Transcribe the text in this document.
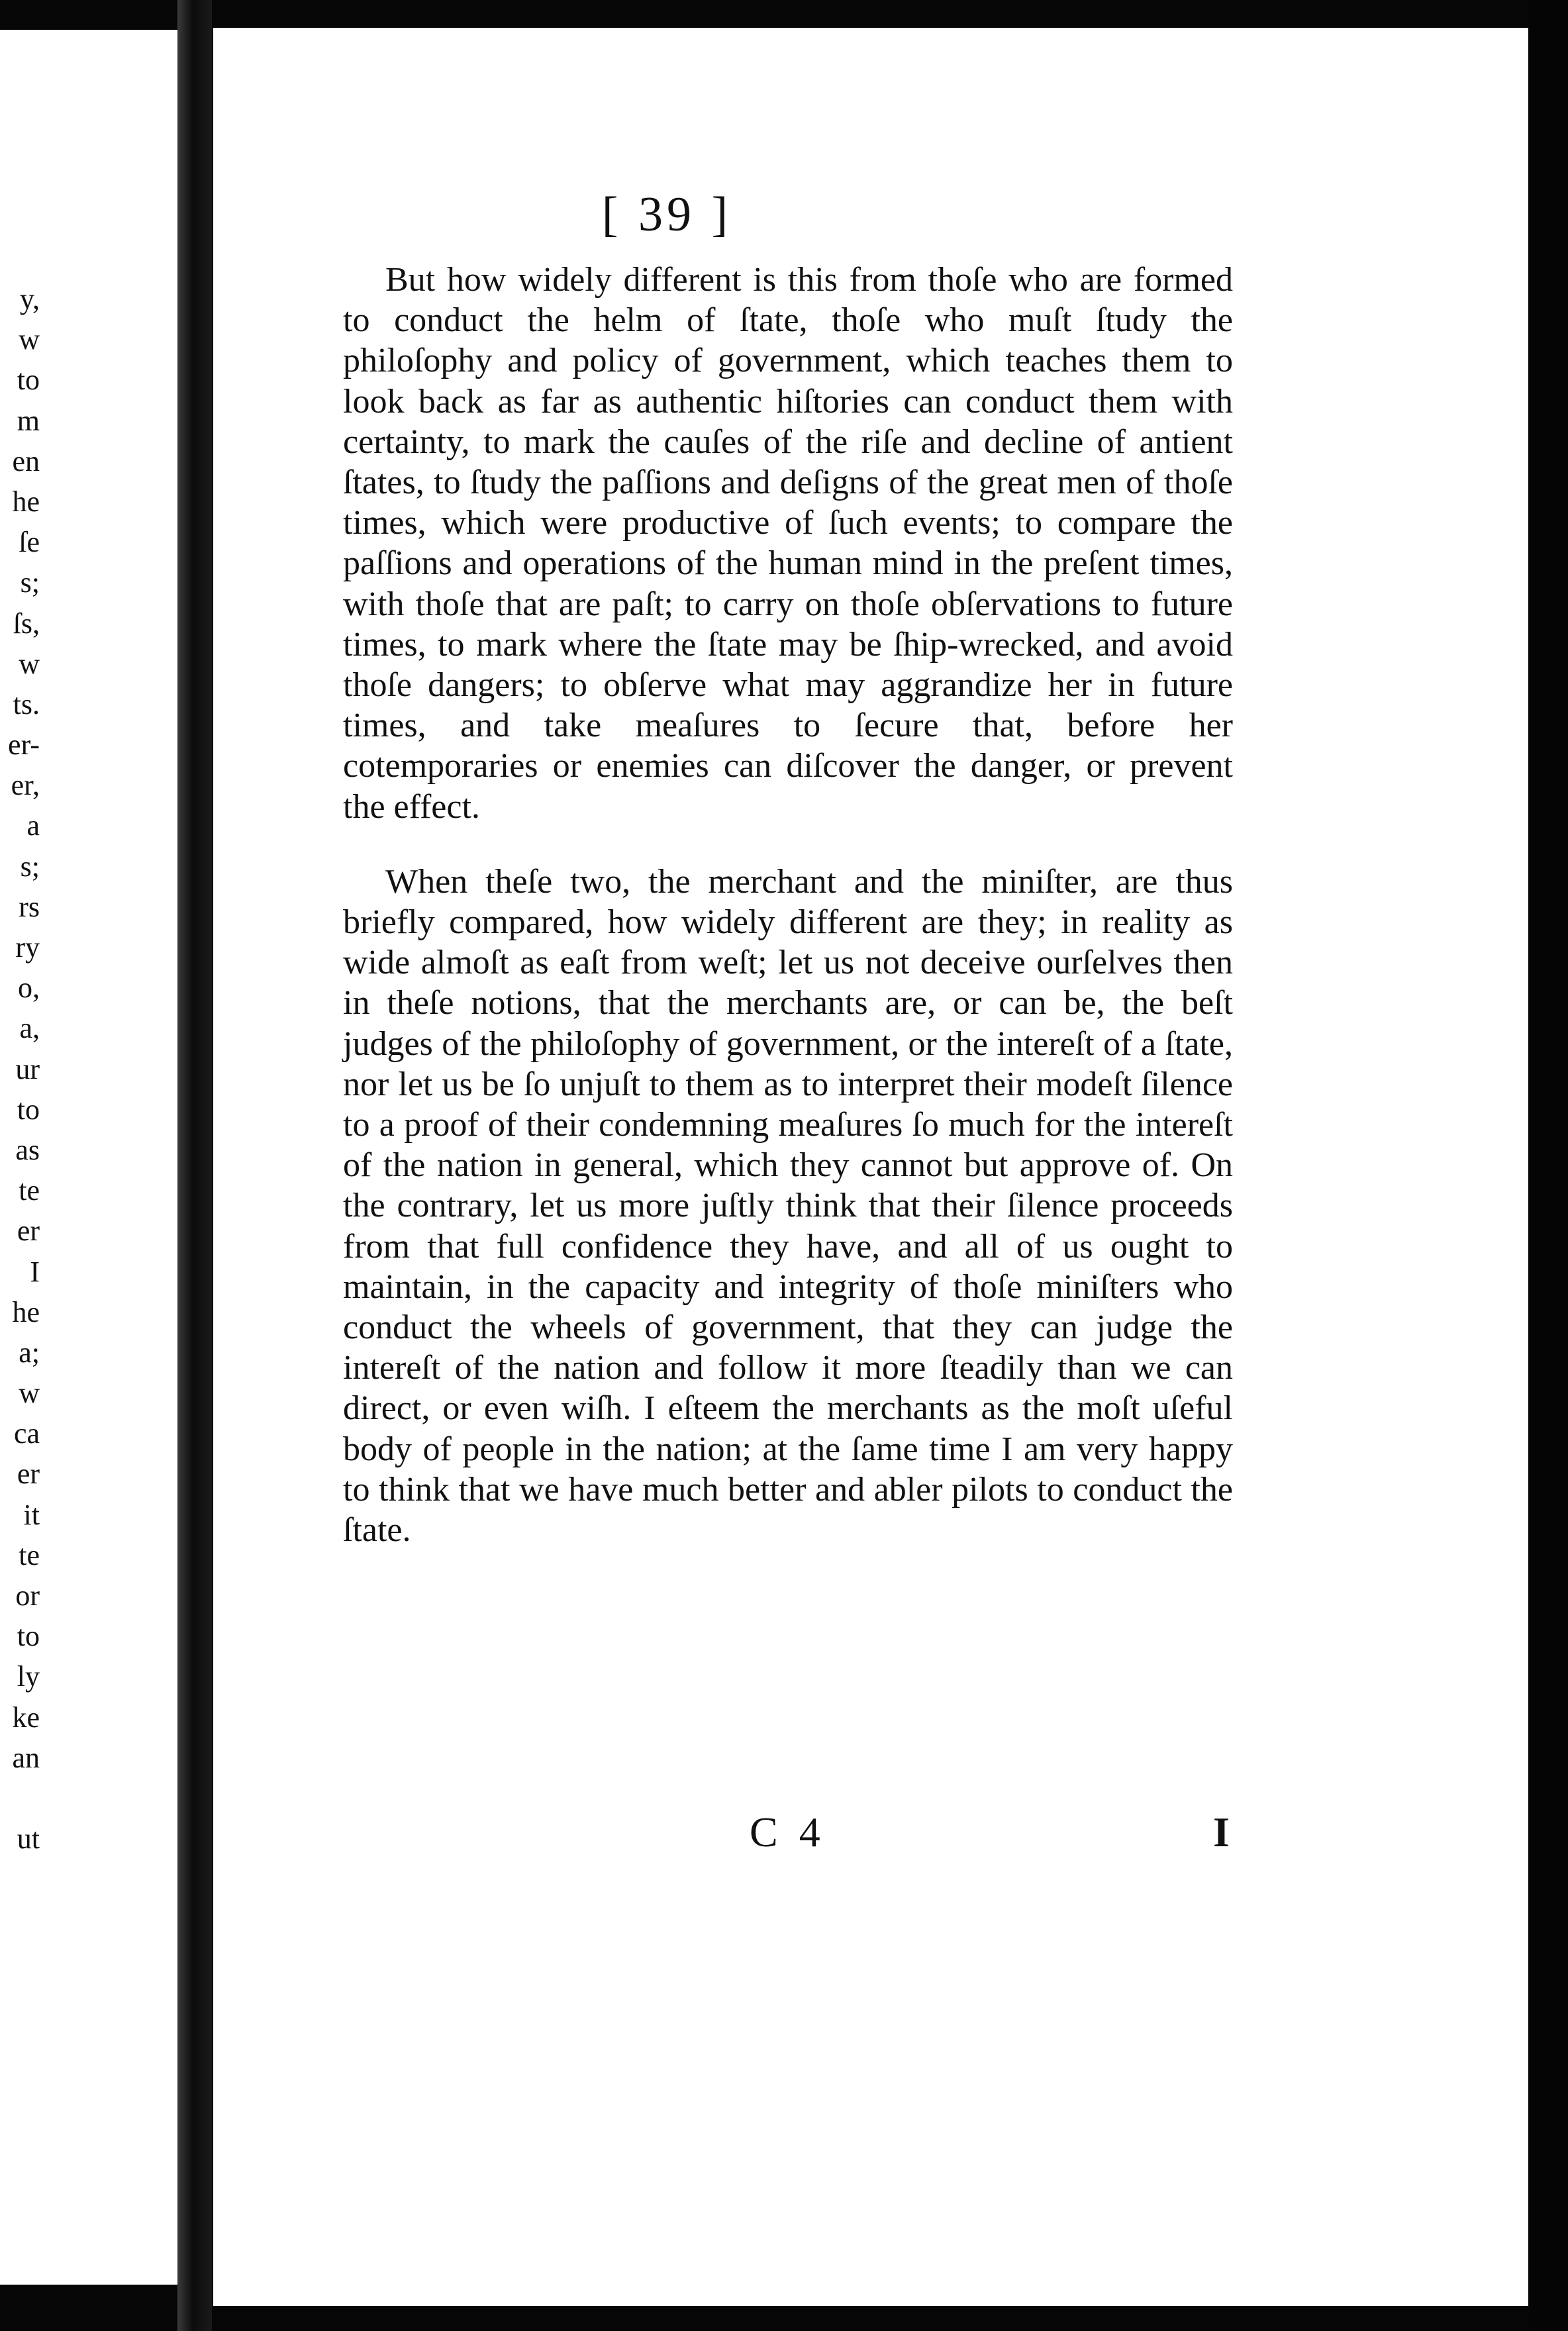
y,
w
to
m
en
he
ſe
s;
ſs,
w
ts.
er-
er,
a
s;
rs
ry
o,
a,
ur
to
as
te
er
I
he
a;
w
ca
er
it
te
or
to
ly
ke
an
ut
[ 39 ]

But how widely different is this from thoſe who are formed to conduct the helm of ſtate, thoſe who muſt ſtudy the philoſophy and policy of government, which teaches them to look back as far as authentic hiſtories can conduct them with certainty, to mark the cauſes of the riſe and decline of antient ſtates, to ſtudy the paſſions and deſigns of the great men of thoſe times, which were productive of ſuch events; to compare the paſſions and operations of the human mind in the preſent times, with thoſe that are paſt; to carry on thoſe obſervations to future times, to mark where the ſtate may be ſhip-wrecked, and avoid thoſe dangers; to obſerve what may aggrandize her in future times, and take meaſures to ſecure that, before her cotemporaries or enemies can diſcover the danger, or prevent the effect.

When theſe two, the merchant and the miniſter, are thus briefly compared, how widely different are they; in reality as wide almoſt as eaſt from weſt; let us not deceive ourſelves then in theſe notions, that the merchants are, or can be, the beſt judges of the philoſophy of government, or the intereſt of a ſtate, nor let us be ſo unjuſt to them as to interpret their modeſt ſilence to a proof of their condemning meaſures ſo much for the intereſt of the nation in general, which they cannot but approve of. On the contrary, let us more juſtly think that their ſilence proceeds from that full confidence they have, and all of us ought to maintain, in the capacity and integrity of thoſe miniſters who conduct the wheels of government, that they can judge the intereſt of the nation and follow it more ſteadily than we can direct, or even wiſh. I eſteem the merchants as the moſt uſeful body of people in the nation; at the ſame time I am very happy to think that we have much better and abler pilots to conduct the ſtate.

C 4	I
